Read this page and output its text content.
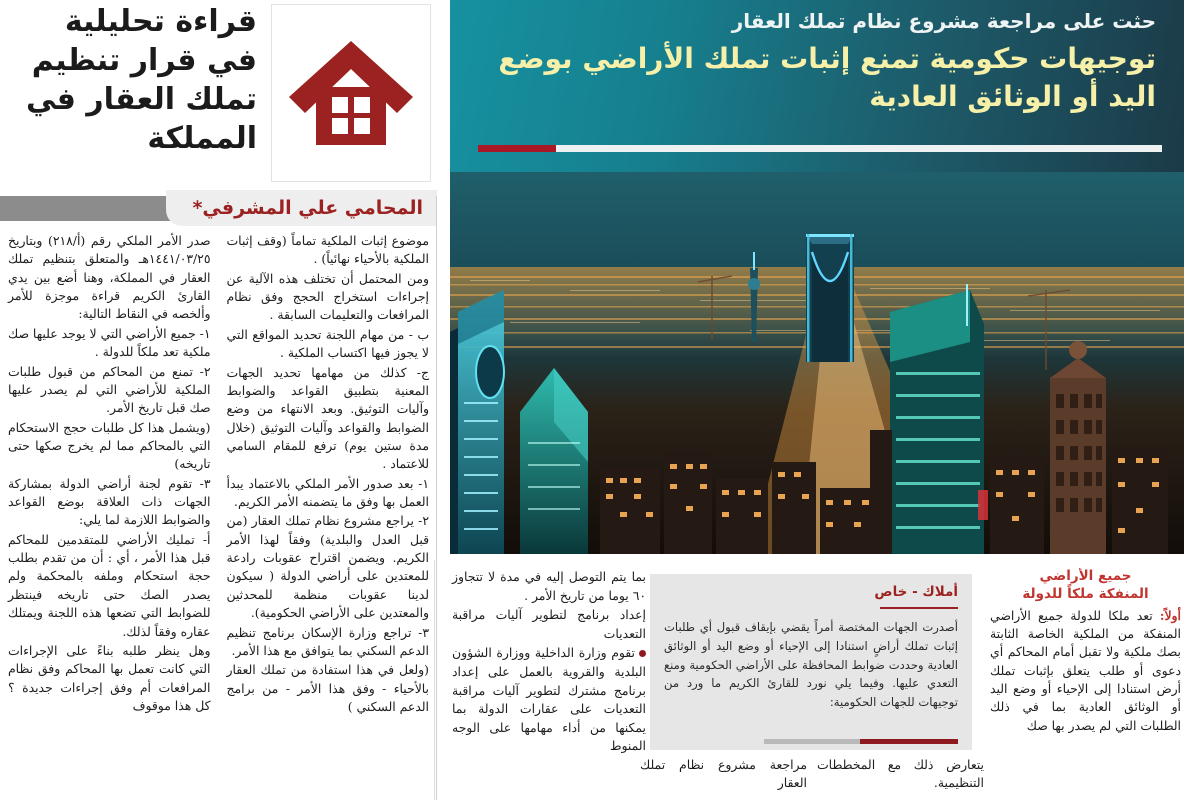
قراءة تحليلية في قرار تنظيم تملك العقار في المملكة
المحامي علي المشرفي*

صدر الأمر الملكي رقم (أ/٢١٨) وبتاريخ ١٤٤١/٠٣/٢٥هـ والمتعلق بتنظيم تملك العقار في المملكة، وهنا أضع بين يدي القارئ الكريم قراءة موجزة للأمر وألخصه في النقاط التالية:

١- جميع الأراضي التي لا يوجد عليها صك ملكية تعد ملكاً للدولة .

٢- تمنع من المحاكم من قبول طلبات الملكية للأراضي التي لم يصدر عليها صك قبل تاريخ الأمر.

(ويشمل هذا كل طلبات حجج الاستحكام التي بالمحاكم مما لم يخرج صكها حتى تاريخه)

٣- تقوم لجنة أراضي الدولة بمشاركة الجهات ذات العلاقة بوضع القواعد والضوابط اللازمة لما يلي:

أ- تمليك الأراضي للمتقدمين للمحاكم قبل هذا الأمر ، أي : أن من تقدم بطلب حجة استحكام وملفه بالمحكمة ولم يصدر الصك حتى تاريخه فينتظر للضوابط التي تضعها هذه اللجنة ويمتلك عقاره وفقاً لذلك.

وهل ينظر طلبه بناءً على الإجراءات التي كانت تعمل بها المحاكم وفق نظام المرافعات أم وفق إجراءات جديدة ؟ كل هذا موقوف

موضوع إثبات الملكية تماماً (وقف إثبات الملكية بالأحياء نهائياً) .

ومن المحتمل أن تختلف هذه الآلية عن إجراءات استخراج الحجج وفق نظام المرافعات والتعليمات السابقة .

ب - من مهام اللجنة تحديد المواقع التي لا يجوز فيها اكتساب الملكية .

ج- كذلك من مهامها تحديد الجهات المعنية بتطبيق القواعد والضوابط وآليات التوثيق. وبعد الانتهاء من وضع الضوابط والقواعد وآليات التوثيق (خلال مدة ستين يوم) ترفع للمقام السامي للاعتماد .

١- بعد صدور الأمر الملكي بالاعتماد يبدأ العمل بها وفق ما يتضمنه الأمر الكريم.

٢- يراجع مشروع نظام تملك العقار (من قبل العدل والبلدية) وفقاً لهذا الأمر الكريم. ويضمن اقتراح عقوبات رادعة للمعتدين على أراضي الدولة ( سيكون لدينا عقوبات منظمة للمحدثين والمعتدين على الأراضي الحكومية).

٣- تراجع وزارة الإسكان برنامج تنظيم الدعم السكني بما يتوافق مع هذا الأمر.

(ولعل في هذا استفادة من تملك العقار بالأحياء - وفق هذا الأمر - من برامج الدعم السكني )

حثت على مراجعة مشروع نظام تملك العقار
توجيهات حكومية تمنع إثبات تملك الأراضي بوضع اليد أو الوثائق العادية
أملاك - خاص
أصدرت الجهات المختصة أمراً يقضي بإيقاف قبول أي طلبات إثبات تملك أراضٍ استنادا إلى الإحياء أو وضع اليد أو الوثائق العادية وحددت ضوابط المحافظة على الأراضي الحكومية ومنع التعدي عليها. وفيما يلي نورد للقارئ الكريم ما ورد من توجيهات للجهات الحكومية:
جميع الأراضي
المنفكة ملكاً للدولة
أولاً: تعد ملكا للدولة جميع الأراضي المنفكة من الملكية الخاصة الثابتة بصك ملكية ولا تقبل أمام المحاكم أي دعوى أو طلب يتعلق بإثبات تملك أرض استنادا إلى الإحياء أو وضع اليد أو الوثائق العادية بما في ذلك الطلبات التي لم يصدر بها صك

بما يتم التوصل إليه في مدة لا تتجاوز ٦٠ يوما من تاريخ الأمر .

إعداد برنامج لتطوير آليات مراقبة التعديات

تقوم وزارة الداخلية ووزارة الشؤون البلدية والقروية بالعمل على إعداد برنامج مشترك لتطوير آليات مراقبة التعديات على عقارات الدولة بما يمكنها من أداء مهامها على الوجه المنوط

يتعارض ذلك مع المخططات التنظيمية.
مراجعة مشروع نظام تملك العقار
